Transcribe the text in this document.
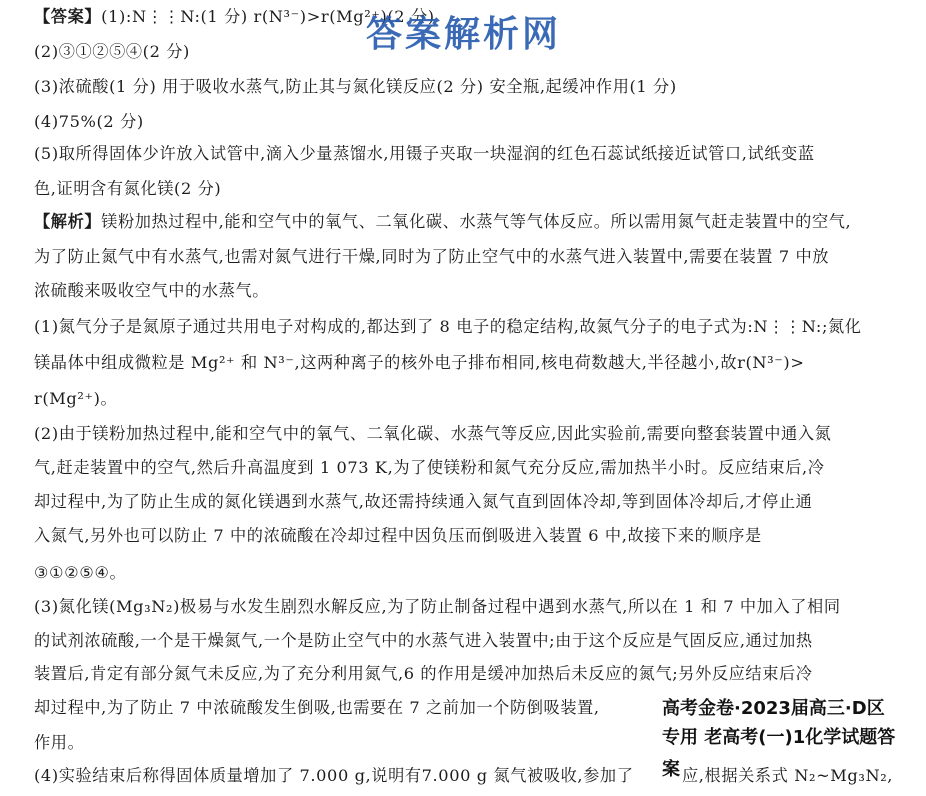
【答案】(1):N⋮⋮N:(1 分) r(N³⁻)>r(Mg²⁺)(2 分)
(2)③①②⑤④(2 分)
(3)浓硫酸(1 分) 用于吸收水蒸气,防止其与氮化镁反应(2 分) 安全瓶,起缓冲作用(1 分)
(4)75%(2 分)
(5)取所得固体少许放入试管中,滴入少量蒸馏水,用镊子夹取一块湿润的红色石蕊试纸接近试管口,试纸变蓝
色,证明含有氮化镁(2 分)
【解析】镁粉加热过程中,能和空气中的氧气、二氧化碳、水蒸气等气体反应。所以需用氮气赶走装置中的空气,
为了防止氮气中有水蒸气,也需对氮气进行干燥,同时为了防止空气中的水蒸气进入装置中,需要在装置 7 中放
浓硫酸来吸收空气中的水蒸气。
(1)氮气分子是氮原子通过共用电子对构成的,都达到了 8 电子的稳定结构,故氮气分子的电子式为:N⋮⋮N:;氮化
镁晶体中组成微粒是 Mg²⁺ 和 N³⁻,这两种离子的核外电子排布相同,核电荷数越大,半径越小,故r(N³⁻)>
r(Mg²⁺)。
(2)由于镁粉加热过程中,能和空气中的氧气、二氧化碳、水蒸气等反应,因此实验前,需要向整套装置中通入氮
气,赶走装置中的空气,然后升高温度到 1 073 K,为了使镁粉和氮气充分反应,需加热半小时。反应结束后,冷
却过程中,为了防止生成的氮化镁遇到水蒸气,故还需持续通入氮气直到固体冷却,等到固体冷却后,才停止通
入氮气,另外也可以防止 7 中的浓硫酸在冷却过程中因负压而倒吸进入装置 6 中,故接下来的顺序是
③①②⑤④。
(3)氮化镁(Mg₃N₂)极易与水发生剧烈水解反应,为了防止制备过程中遇到水蒸气,所以在 1 和 7 中加入了相同
的试剂浓硫酸,一个是干燥氮气,一个是防止空气中的水蒸气进入装置中;由于这个反应是气固反应,通过加热
装置后,肯定有部分氮气未反应,为了充分利用氮气,6 的作用是缓冲加热后未反应的氮气;另外反应结束后冷
却过程中,为了防止 7 中浓硫酸发生倒吸,也需要在 7 之前加一个防倒吸装置,
作用。
(4)实验结束后称得固体质量增加了 7.000 g,说明有7.000 g 氮气被吸收,参加了	应,根据关系式 N₂~Mg₃N₂,
答案解析网
高考金卷·2023届高三·D区
专用 老高考(一)1化学试题答
案
